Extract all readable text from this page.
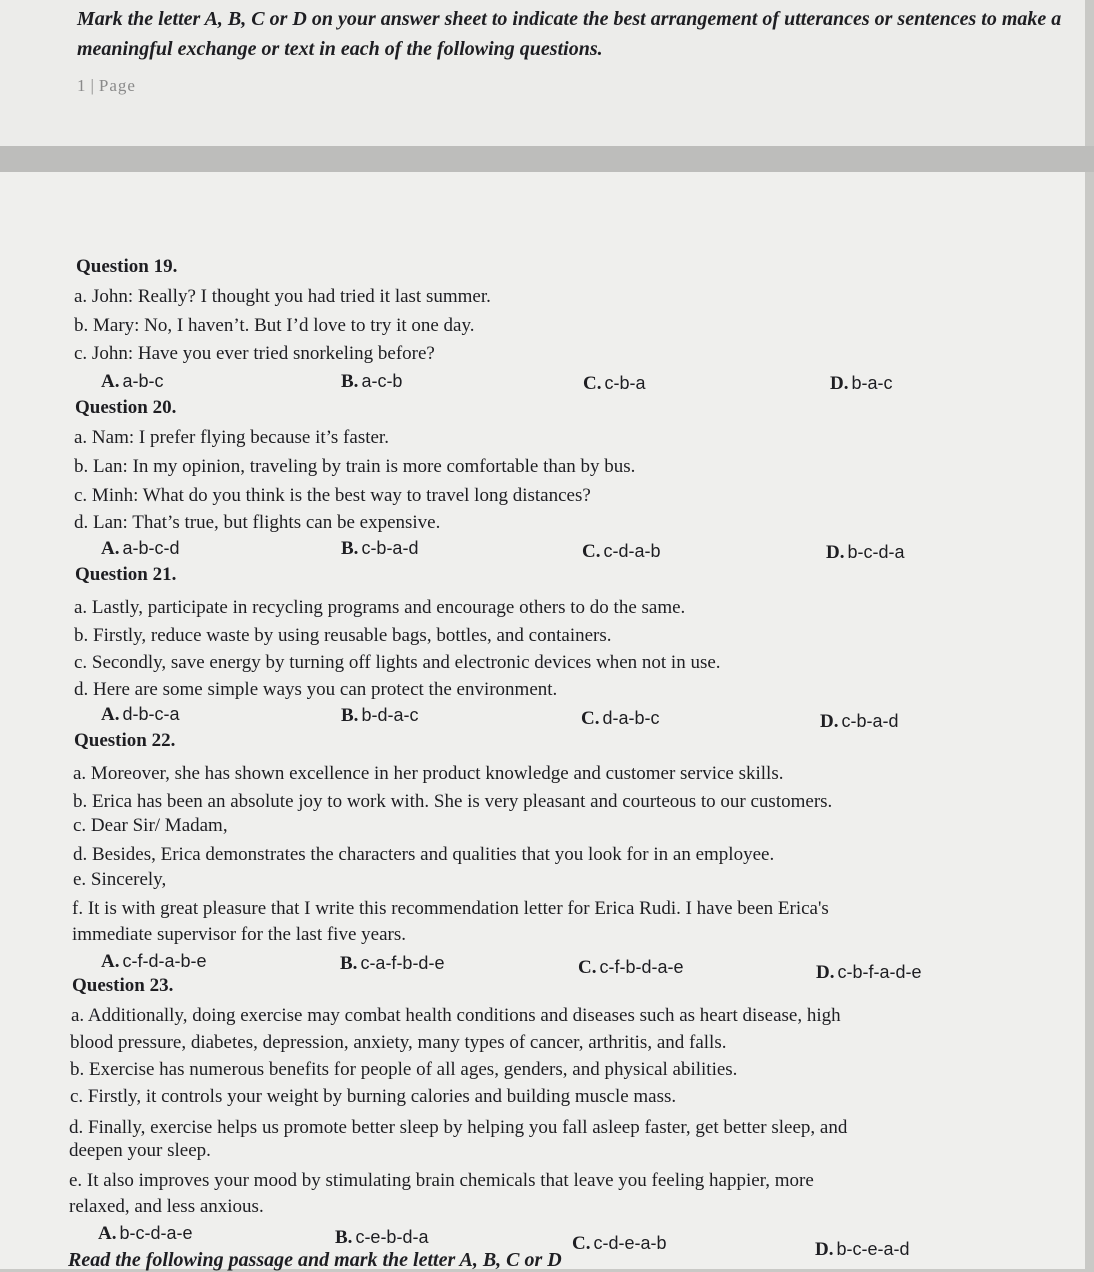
Mark the letter A, B, C or D on your answer sheet to indicate the best arrangement of utterances or sentences to make a meaningful exchange or text in each of the following questions.

1 | Page
Question 19.
a. John: Really? I thought you had tried it last summer.
b. Mary: No, I haven’t. But I’d love to try it one day.
c. John: Have you ever tried snorkeling before?
A. a-b-c	B. a-c-b	C. c-b-a	D. b-a-c
Question 20.
a. Nam: I prefer flying because it’s faster.
b. Lan: In my opinion, traveling by train is more comfortable than by bus.
c. Minh: What do you think is the best way to travel long distances?
d. Lan: That’s true, but flights can be expensive.
A. a-b-c-d	B. c-b-a-d	C. c-d-a-b	D. b-c-d-a
Question 21.
a. Lastly, participate in recycling programs and encourage others to do the same.
b. Firstly, reduce waste by using reusable bags, bottles, and containers.
c. Secondly, save energy by turning off lights and electronic devices when not in use.
d. Here are some simple ways you can protect the environment.
A. d-b-c-a	B. b-d-a-c	C. d-a-b-c	D. c-b-a-d
Question 22.
a. Moreover, she has shown excellence in her product knowledge and customer service skills.
b. Erica has been an absolute joy to work with. She is very pleasant and courteous to our customers.
c. Dear Sir/ Madam,
d. Besides, Erica demonstrates the characters and qualities that you look for in an employee.
e. Sincerely,
f. It is with great pleasure that I write this recommendation letter for Erica Rudi. I have been Erica's
immediate supervisor for the last five years.
A. c-f-d-a-b-e	B. c-a-f-b-d-e	C. c-f-b-d-a-e	D. c-b-f-a-d-e
Question 23.
a. Additionally, doing exercise may combat health conditions and diseases such as heart disease, high
blood pressure, diabetes, depression, anxiety, many types of cancer, arthritis, and falls.
b. Exercise has numerous benefits for people of all ages, genders, and physical abilities.
c. Firstly, it controls your weight by burning calories and building muscle mass.
d. Finally, exercise helps us promote better sleep by helping you fall asleep faster, get better sleep, and
deepen your sleep.
e. It also improves your mood by stimulating brain chemicals that leave you feeling happier, more
relaxed, and less anxious.
A. b-c-d-a-e	B. c-e-b-d-a	C. c-d-e-a-b	D. b-c-e-a-d
Read the following passage and mark the letter A, B, C or D
